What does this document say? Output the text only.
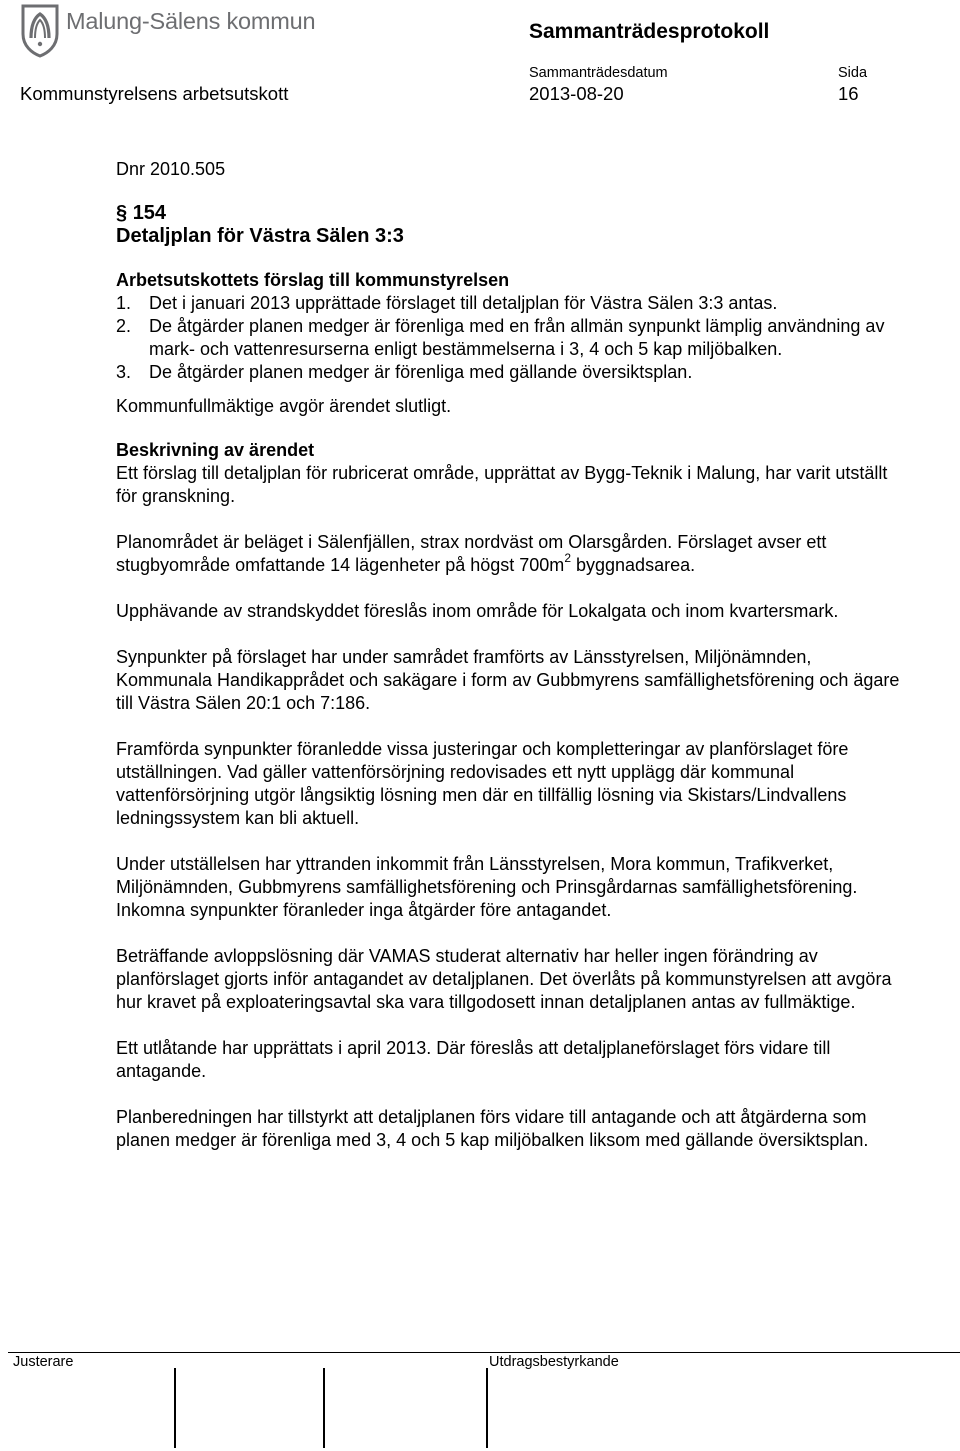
Malung-Sälens kommun	Sammanträdesprotokoll
Sammanträdesdatum	Sida
Kommunstyrelsens arbetsutskott	2013-08-20	16
Dnr 2010.505
§ 154
Detaljplan för Västra Sälen 3:3
Arbetsutskottets förslag till kommunstyrelsen
1. Det i januari 2013 upprättade förslaget till detaljplan för Västra Sälen 3:3 antas.
2. De åtgärder planen medger är förenliga med en från allmän synpunkt lämplig användning av mark- och vattenresurserna enligt bestämmelserna i 3, 4 och 5 kap miljöbalken.
3. De åtgärder planen medger är förenliga med gällande översiktsplan.
Kommunfullmäktige avgör ärendet slutligt.
Beskrivning av ärendet

Ett förslag till detaljplan för rubricerat område, upprättat av Bygg-Teknik i Malung, har varit utställt för granskning.

Planområdet är beläget i Sälenfjällen, strax nordväst om Olarsgården. Förslaget avser ett stugbyområde omfattande 14 lägenheter på högst $700m^2$ byggnadsarea.

Upphävande av strandskyddet föreslås inom område för Lokalgata och inom kvartersmark.

Synpunkter på förslaget har under samrådet framförts av Länsstyrelsen, Miljönämnden, Kommunala Handikapprådet och sakägare i form av Gubbmyrens samfällighetsförening och ägare till Västra Sälen 20:1 och 7:186.

Framförda synpunkter föranledde vissa justeringar och kompletteringar av planförslaget före utställningen. Vad gäller vattenförsörjning redovisades ett nytt upplägg där kommunal vattenförsörjning utgör långsiktig lösning men där en tillfällig lösning via Skistars/Lindvallens ledningssystem kan bli aktuell.

Under utställelsen har yttranden inkommit från Länsstyrelsen, Mora kommun, Trafikverket, Miljönämnden, Gubbmyrens samfällighetsförening och Prinsgårdarnas samfällighetsförening. Inkomna synpunkter föranleder inga åtgärder före antagandet.

Beträffande avloppslösning där VAMAS studerat alternativ har heller ingen förändring av planförslaget gjorts inför antagandet av detaljplanen. Det överlåts på kommunstyrelsen att avgöra hur kravet på exploateringsavtal ska vara tillgodosett innan detaljplanen antas av fullmäktige.

Ett utlåtande har upprättats i april 2013. Där föreslås att detaljplaneförslaget förs vidare till antagande.

Planberedningen har tillstyrkt att detaljplanen förs vidare till antagande och att åtgärderna som planen medger är förenliga med 3, 4 och 5 kap miljöbalken liksom med gällande översiktsplan.

Justerare	Utdragsbestyrkande
